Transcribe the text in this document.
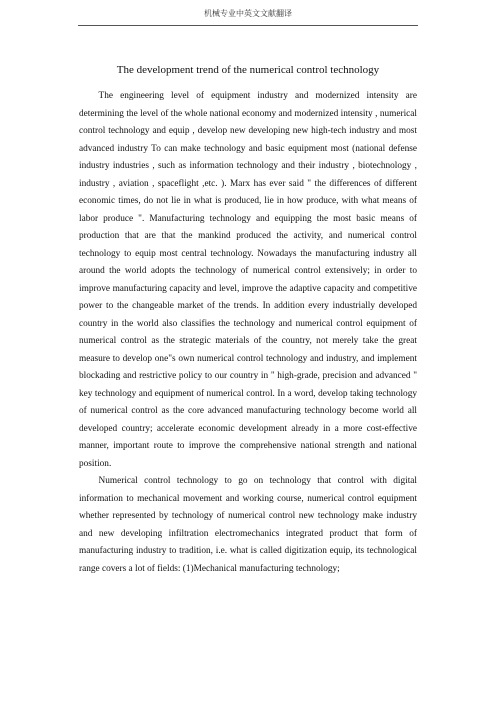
机械专业中英文文献翻译
The development trend of the numerical control technology

The engineering level of equipment industry and modernized intensity are determining the level of the whole national economy and modernized intensity , numerical control technology and equip , develop new developing new high-tech industry and most advanced industry To can make technology and basic equipment most (national defense industry industries , such as information technology and their industry , biotechnology , industry , aviation , spaceflight ,etc. ). Marx has ever said " the differences of different economic times, do not lie in what is produced, lie in how produce, with what means of labor produce ". Manufacturing technology and equipping the most basic means of production that are that the mankind produced the activity, and numerical control technology to equip most central technology. Nowadays the manufacturing industry all around the world adopts the technology of numerical control extensively; in order to improve manufacturing capacity and level, improve the adaptive capacity and competitive power to the changeable market of the trends. In addition every industrially developed country in the world also classifies the technology and numerical control equipment of numerical control as the strategic materials of the country, not merely take the great measure to develop one"s own numerical control technology and industry, and implement blockading and restrictive policy to our country in " high-grade, precision and advanced " key technology and equipment of numerical control. In a word, develop taking technology of numerical control as the core advanced manufacturing technology become world all developed country; accelerate economic development already in a more cost-effective manner, important route to improve the comprehensive national strength and national position.

Numerical control technology to go on technology that control with digital information to mechanical movement and working course, numerical control equipment whether represented by technology of numerical control new technology make industry and new developing infiltration electromechanics integrated product that form of manufacturing industry to tradition, i.e. what is called digitization equip, its technological range covers a lot of fields: (1)Mechanical manufacturing technology;
